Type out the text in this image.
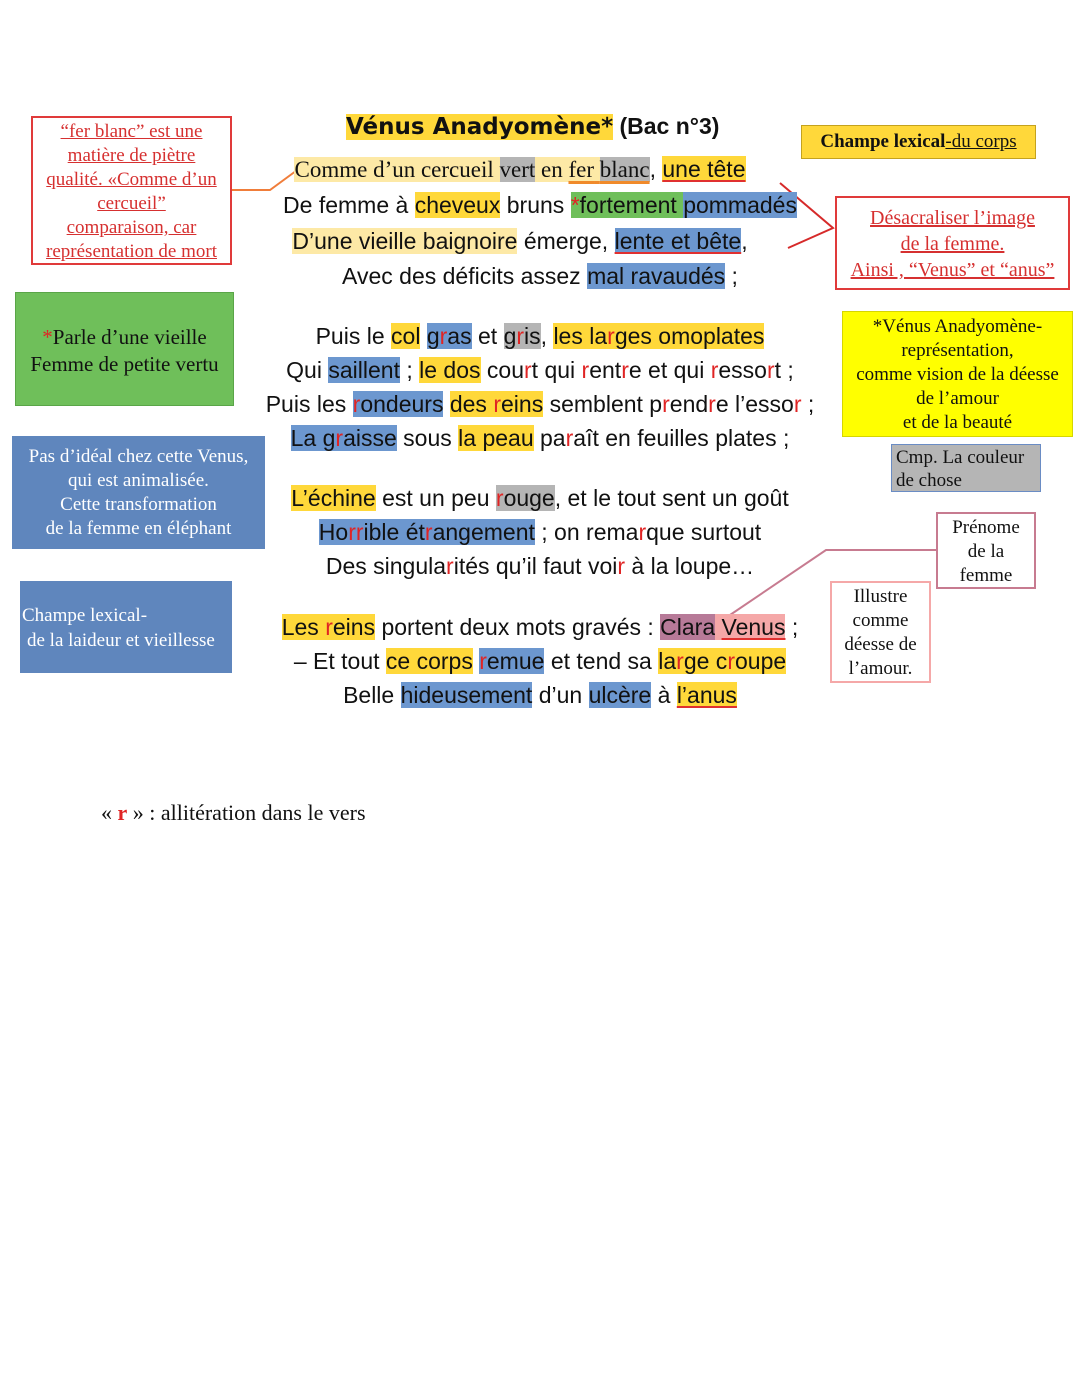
Vénus Anadyomène* (Bac n°3)
Comme d’un cercueil vert en fer blanc, une tête
De femme à cheveux bruns *fortement pommadés
D’une vieille baignoire émerge, lente et bête,
Avec des déficits assez mal ravaudés ;
Puis le col gras et gris, les larges omoplates
Qui saillent ; le dos court qui rentre et qui ressort ;
Puis les rondeurs des reins semblent prendre l’essor ;
La graisse sous la peau paraît en feuilles plates ;
L’échine est un peu rouge, et le tout sent un goût
Horrible étrangement ; on remarque surtout
Des singularités qu’il faut voir à la loupe…
Les reins portent deux mots gravés : Clara Venus ;
– Et tout ce corps remue et tend sa large croupe
Belle hideusement d’un ulcère à l’anus
“fer blanc” est une
matière de piètre
qualité. «Comme d’un
cercueil”
comparaison, car
représentation de mort
*Parle d’une vieille
Femme de petite vertu
Pas d’idéal chez cette Venus,
qui est animalisée.
Cette transformation
de la femme en éléphant
Champe lexical-
de la laideur et vieillesse
Champe lexical-du corps
Désacraliser l’image
de la femme.
Ainsi , “Venus” et “anus”
*Vénus Anadyomène-
représentation,
comme vision de la déesse
de l’amour
et de la beauté
Cmp. La couleur
de chose
Prénome
de la
femme
Illustre
comme
déesse de
l’amour.
« r » : allitération dans le vers
